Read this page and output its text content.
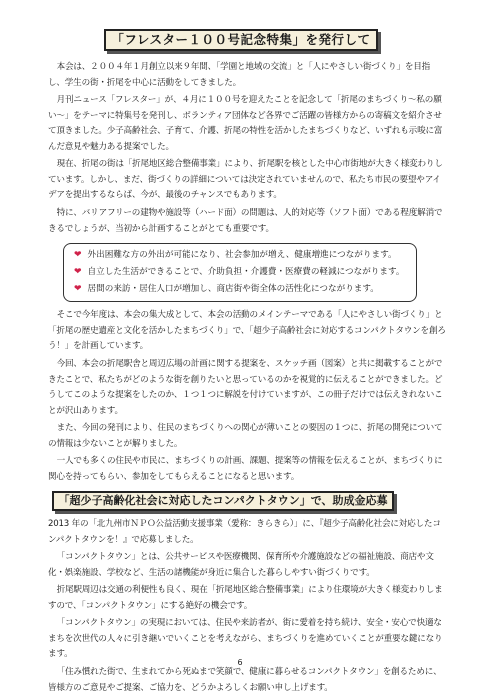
「フレスター１００号記念特集」を発行して

本会は、２００４年１月創立以来９年間、「学園と地域の交流」と「人にやさしい街づくり」を目指し、学生の街・折尾を中心に活動をしてきました。

月刊ニュース「フレスター」が、４月に１００号を迎えたことを記念して「折尾のまちづくり～私の願い～」をテーマに特集号を発刊し、ボランティア団体など各界でご活躍の皆様方からの寄稿文を紹介させて頂きました。少子高齢社会、子育て、介護、折尾の特性を活かしたまちづくりなど、いずれも示唆に富んだ意見や魅力ある提案でした。

現在、折尾の街は「折尾地区総合整備事業」により、折尾駅を核とした中心市街地が大きく様変わりしています。しかし、まだ、街づくりの詳細については決定されていませんので、私たち市民の要望やアイデアを提出するならば、今が、最後のチャンスでもあります。

特に、バリアフリーの建物や施設等（ハード面）の問題は、人的対応等（ソフト面）である程度解消できるでしょうが、当初から計画することがとても重要です。

❤ 外出困難な方の外出が可能になり、社会参加が増え、健康増進につながります。
❤ 自立した生活ができることで、介助負担・介護費・医療費の軽減につながります。
❤ 居間の来訪・居住人口が増加し、商店街や街全体の活性化につながります。

そこで今年度は、本会の集大成として、本会の活動のメインテーマである「人にやさしい街づくり」と「折尾の歴史遺産と文化を活かしたまちづくり」で、「超少子高齢社会に対応するコンパクトタウンを創ろう！」を計画しています。

今回、本会の折尾駅舎と周辺広場の計画に関する提案を、スケッチ画（図案）と共に掲載することができたことで、私たちがどのような街を創りたいと思っているのかを視覚的に伝えることができました。どうしてこのような提案をしたのか、１つ１つに解説を付けていますが、この冊子だけでは伝えきれないことが沢山あります。

また、今回の発刊により、住民のまちづくりへの関心が薄いことの要因の１つに、折尾の開発についての情報は少ないことが解りました。

一人でも多くの住民や市民に、まちづくりの計画、課題、提案等の情報を伝えることが、まちづくりに関心を持ってもらい、参加をしてもらえることになると思います。

「超少子高齢化社会に対応したコンパクトタウン」で、助成金応募

2013 年の「北九州市ＮＰＯ公益活動支援事業（愛称：きらきら）」に、『超少子高齢化社会に対応したコンパクトタウンを！』で応募しました。

「コンパクトタウン」とは、公共サービスや医療機関、保育所や介護施設などの福祉施設、商店や文化・娯楽施設、学校など、生活の諸機能が身近に集合した暮らしやすい街づくりです。

折尾駅周辺は交通の利便性も良く、現在「折尾地区総合整備事業」により住環境が大きく様変わりしますので、「コンパクトタウン」にする絶好の機会です。

「コンパクトタウン」の実現においては、住民や来訪者が、街に愛着を持ち続け、安全・安心で快適なまちを次世代の人々に引き継いでいくことを考えながら、まちづくりを進めていくことが重要な鍵になります。

「住み慣れた街で、生まれてから死ぬまで笑顔で、健康に暮らせるコンパクトタウン」を創るために、皆様方のご意見やご提案、ご協力を、どうかよろしくお願い申し上げます。

6
